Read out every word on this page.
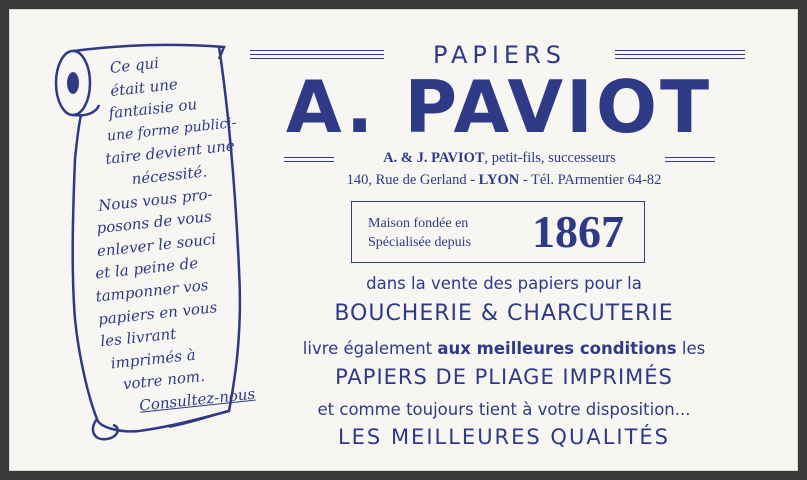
Ce qui
était une
fantaisie ou
une forme publici-
taire devient une
nécessité.
Nous vous pro-
posons de vous
enlever le souci
et la peine de
tamponner vos
papiers en vous
les livrant
imprimés à
votre nom.
Consultez-nous
PAPIERS
A. PAVIOT
A. & J. PAVIOT, petit-fils, successeurs
140, Rue de Gerland - LYON - Tél. PArmentier 64-82
Maison fondée en
Spécialisée depuis 1867
dans la vente des papiers pour la
BOUCHERIE & CHARCUTERIE
livre également aux meilleures conditions les
PAPIERS DE PLIAGE IMPRIMÉS
et comme toujours tient à votre disposition...
LES MEILLEURES QUALITÉS
